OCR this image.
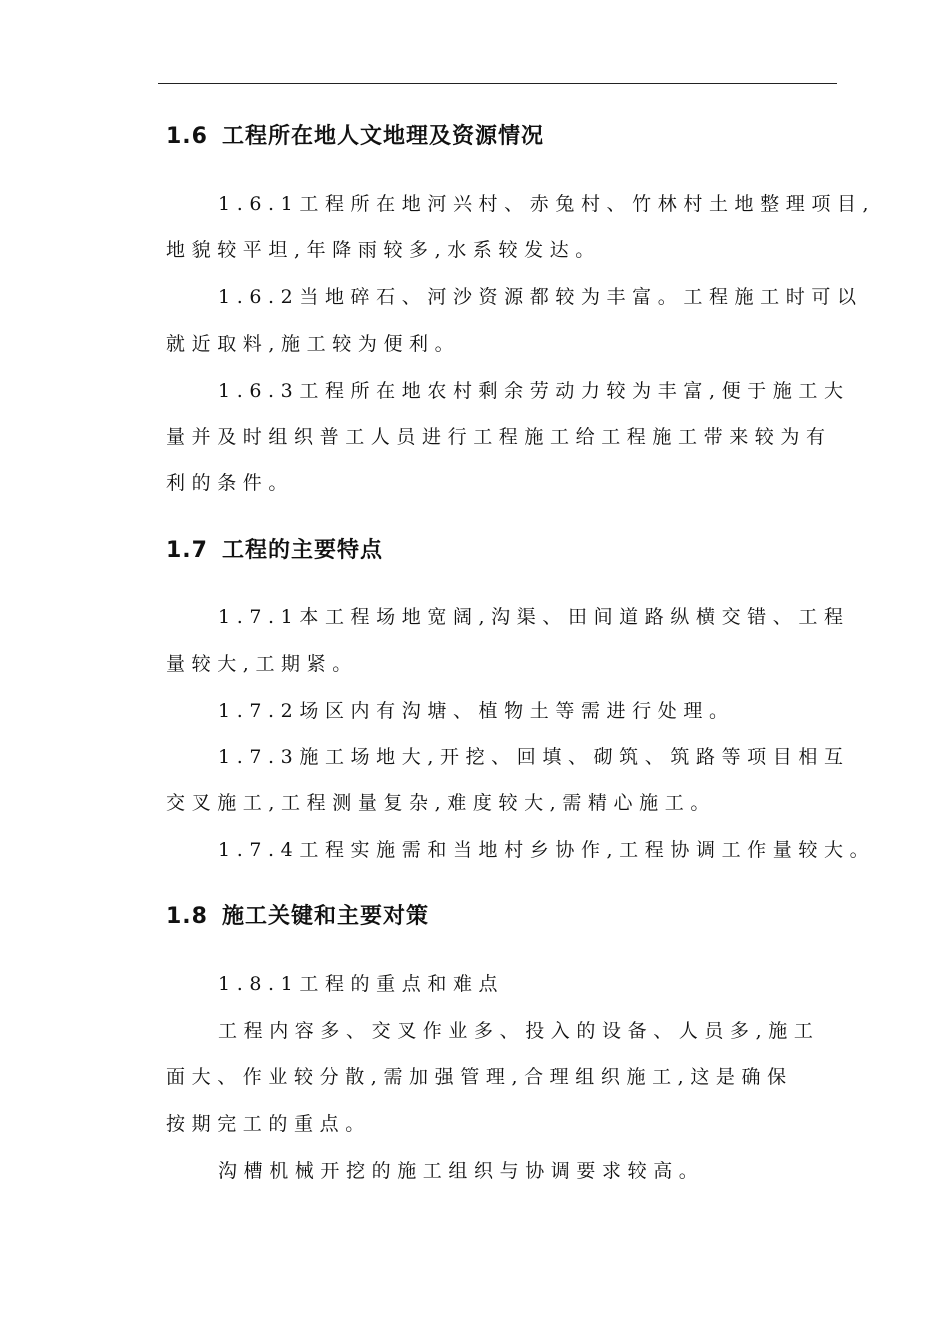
1.6 工程所在地人文地理及资源情况
1.6.1工程所在地河兴村、赤兔村、竹林村土地整理项目,
地貌较平坦,年降雨较多,水系较发达。
1.6.2当地碎石、河沙资源都较为丰富。工程施工时可以
就近取料,施工较为便利。
1.6.3工程所在地农村剩余劳动力较为丰富,便于施工大
量并及时组织普工人员进行工程施工给工程施工带来较为有
利的条件。
1.7 工程的主要特点
1.7.1本工程场地宽阔,沟渠、田间道路纵横交错、工程
量较大,工期紧。
1.7.2场区内有沟塘、植物土等需进行处理。
1.7.3施工场地大,开挖、回填、砌筑、筑路等项目相互
交叉施工,工程测量复杂,难度较大,需精心施工。
1.7.4工程实施需和当地村乡协作,工程协调工作量较大。
1.8 施工关键和主要对策
1.8.1工程的重点和难点
工程内容多、交叉作业多、投入的设备、人员多,施工
面大、作业较分散,需加强管理,合理组织施工,这是确保
按期完工的重点。
沟槽机械开挖的施工组织与协调要求较高。
